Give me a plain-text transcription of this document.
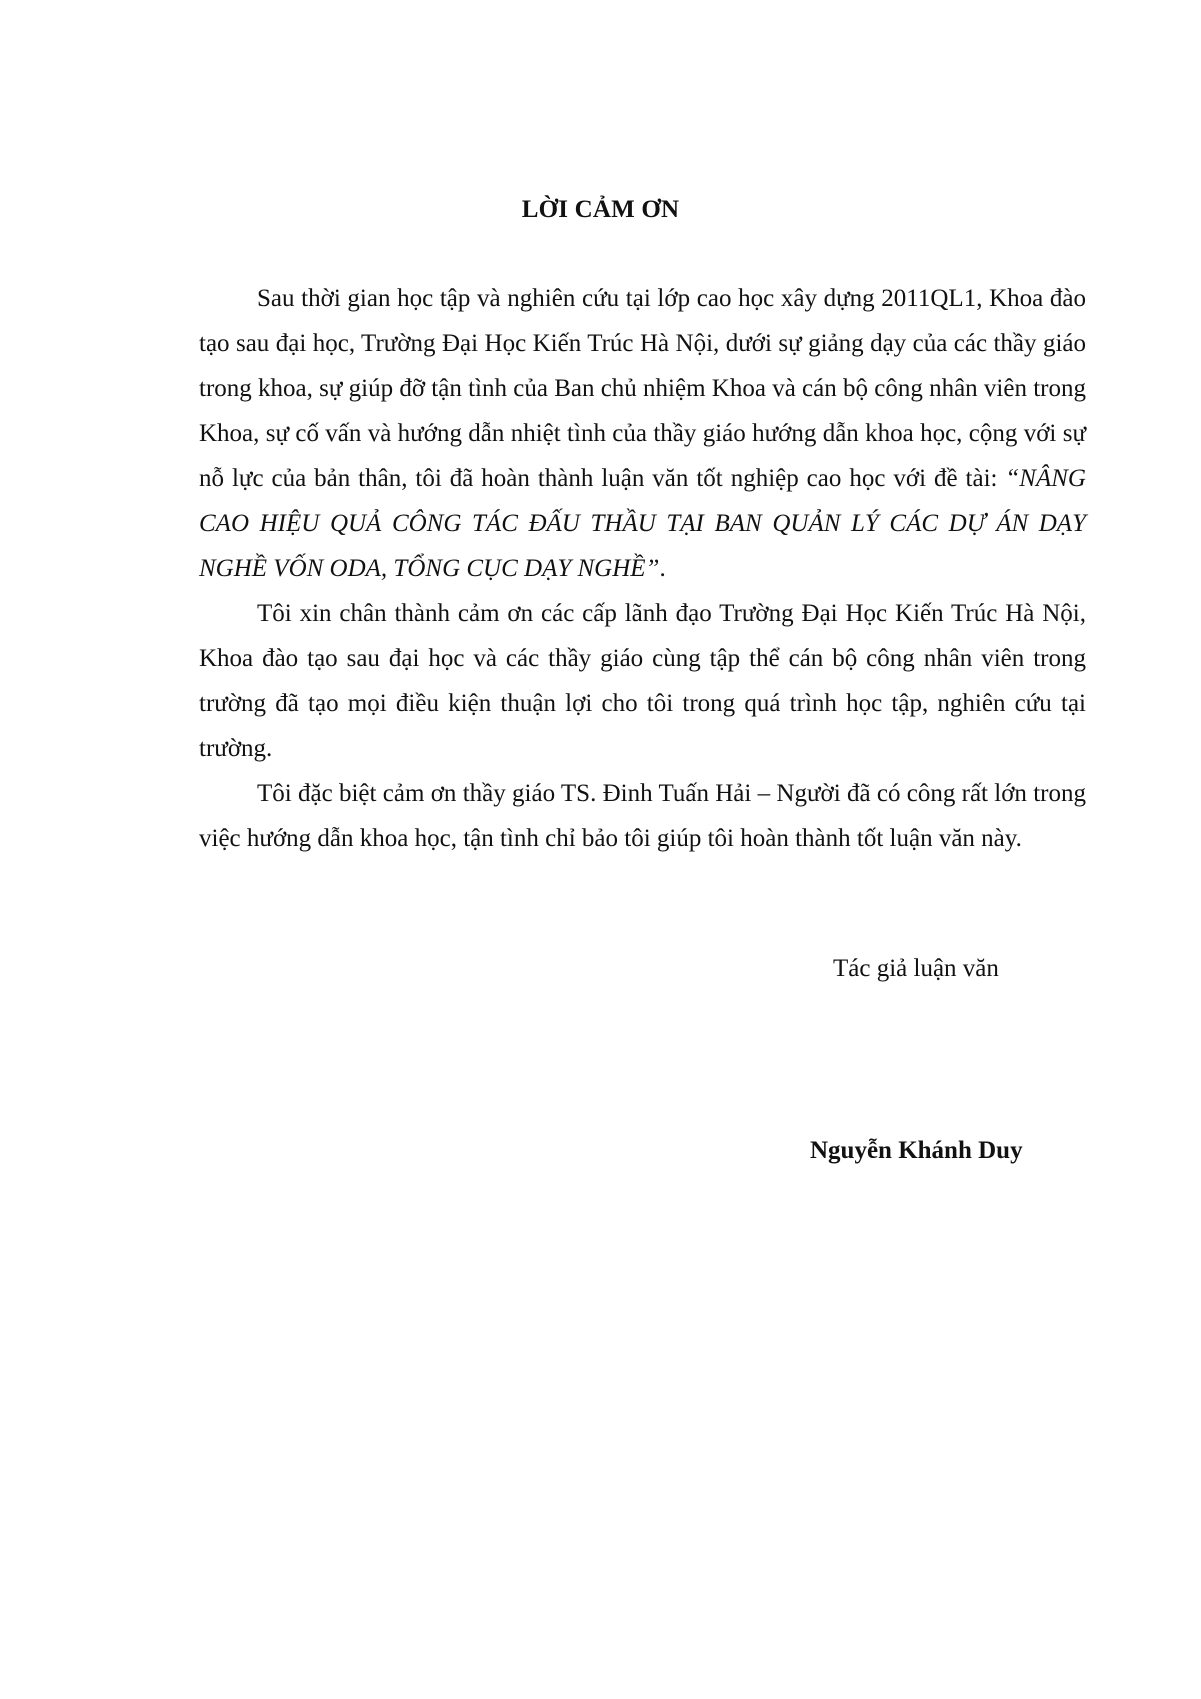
LỜI CẢM ƠN

Sau thời gian học tập và nghiên cứu tại lớp cao học xây dựng 2011QL1, Khoa đào tạo sau đại học, Trường Đại Học Kiến Trúc Hà Nội, dưới sự giảng dạy của các thầy giáo trong khoa, sự giúp đỡ tận tình của Ban chủ nhiệm Khoa và cán bộ công nhân viên trong Khoa, sự cố vấn và hướng dẫn nhiệt tình của thầy giáo hướng dẫn khoa học, cộng với sự nỗ lực của bản thân, tôi đã hoàn thành luận văn tốt nghiệp cao học với đề tài: “NÂNG CAO HIỆU QUẢ CÔNG TÁC ĐẤU THẦU TẠI BAN QUẢN LÝ CÁC DỰ ÁN DẠY NGHỀ VỐN ODA, TỔNG CỤC DẠY NGHỀ”.

Tôi xin chân thành cảm ơn các cấp lãnh đạo Trường Đại Học Kiến Trúc Hà Nội, Khoa đào tạo sau đại học và các thầy giáo cùng tập thể cán bộ công nhân viên trong trường đã tạo mọi điều kiện thuận lợi cho tôi trong quá trình học tập, nghiên cứu tại trường.

Tôi đặc biệt cảm ơn thầy giáo TS. Đinh Tuấn Hải – Người đã có công rất lớn trong việc hướng dẫn khoa học, tận tình chỉ bảo tôi giúp tôi hoàn thành tốt luận văn này.

Tác giả luận văn
Nguyễn Khánh Duy
